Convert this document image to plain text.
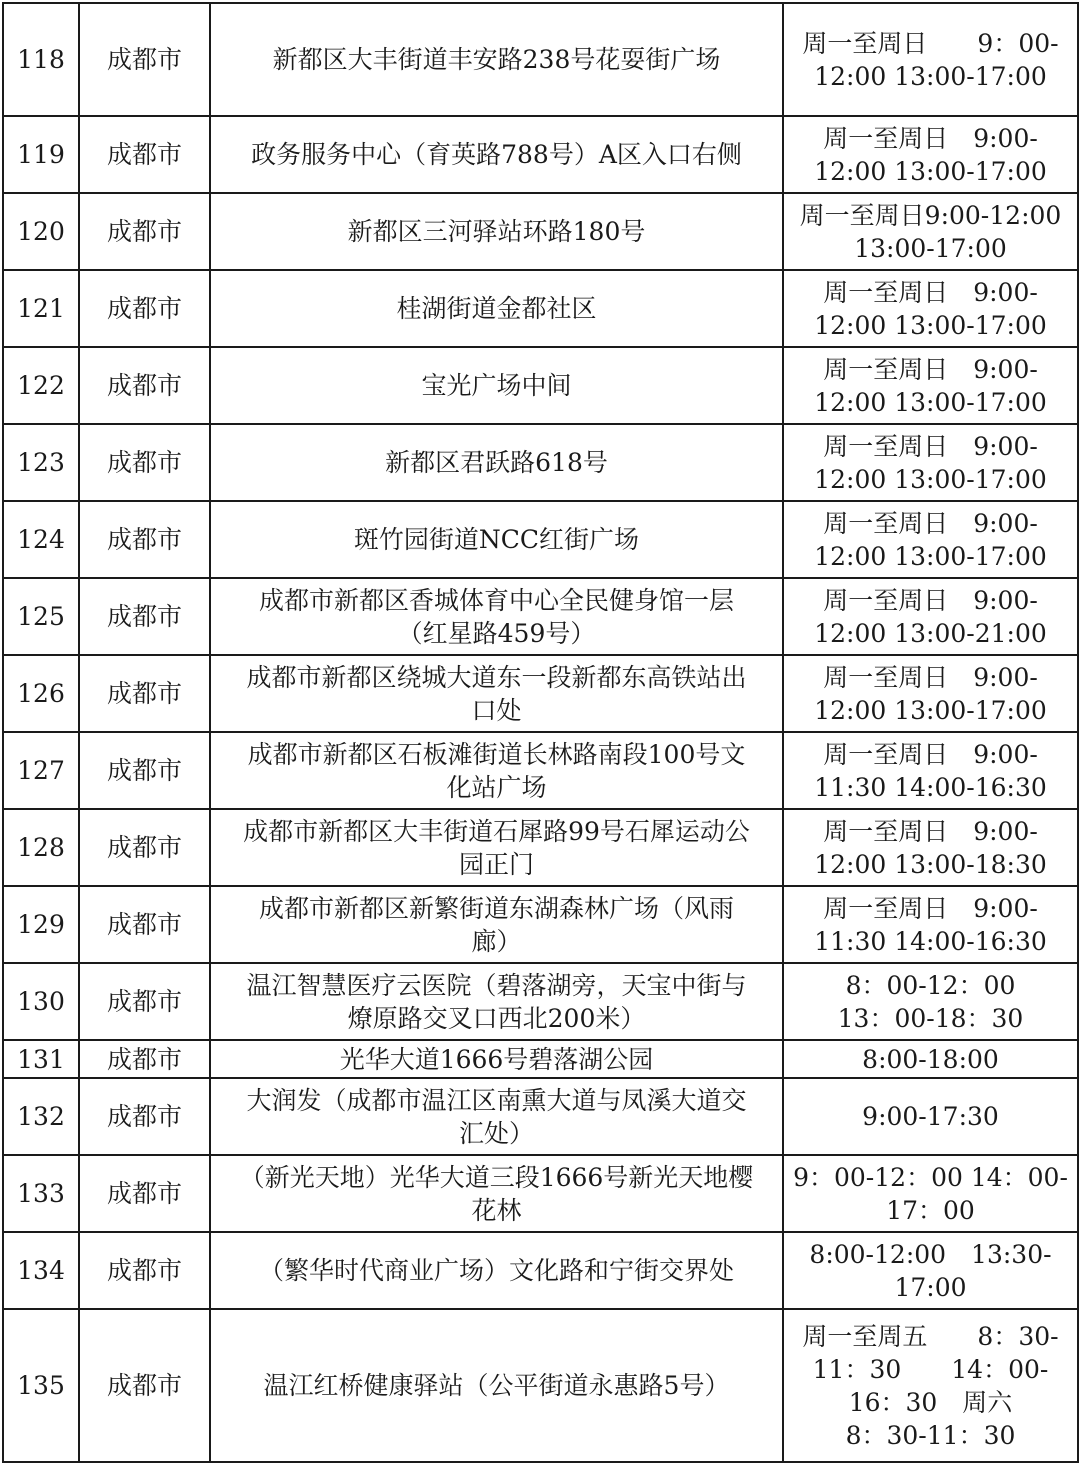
118	成都市	新都区大丰街道丰安路238号花耍街广场	周一至周日　　9：00-
12:00 13:00-17:00

119	成都市	政务服务中心（育英路788号）A区入口右侧	周一至周日　9:00-
12:00 13:00-17:00

120	成都市	新都区三河驿站环路180号	周一至周日9:00-12:00
13:00-17:00

121	成都市	桂湖街道金都社区	周一至周日　9:00-
12:00 13:00-17:00

122	成都市	宝光广场中间	周一至周日　9:00-
12:00 13:00-17:00

123	成都市	新都区君跃路618号	周一至周日　9:00-
12:00 13:00-17:00

124	成都市	斑竹园街道NCC红街广场	周一至周日　9:00-
12:00 13:00-17:00

125	成都市	成都市新都区香城体育中心全民健身馆一层
（红星路459号）	周一至周日　9:00-
12:00 13:00-21:00

126	成都市	成都市新都区绕城大道东一段新都东高铁站出
口处	周一至周日　9:00-
12:00 13:00-17:00

127	成都市	成都市新都区石板滩街道长林路南段100号文
化站广场	周一至周日　9:00-
11:30 14:00-16:30

128	成都市	成都市新都区大丰街道石犀路99号石犀运动公
园正门	周一至周日　9:00-
12:00 13:00-18:30

129	成都市	成都市新都区新繁街道东湖森林广场（风雨
廊）	周一至周日　9:00-
11:30 14:00-16:30

130	成都市	温江智慧医疗云医院（碧落湖旁，天宝中街与
燎原路交叉口西北200米）	8：00-12：00
13：00-18：30

131	成都市	光华大道1666号碧落湖公园	8:00-18:00

132	成都市	大润发（成都市温江区南熏大道与凤溪大道交
汇处）	9:00-17:30

133	成都市	（新光天地）光华大道三段1666号新光天地樱
花林	9：00-12：00 14：00-
17：00

134	成都市	（繁华时代商业广场）文化路和宁街交界处	8:00-12:00　13:30-
17:00

135	成都市	温江红桥健康驿站（公平街道永惠路5号）	周一至周五　　8：30-
11：30　　14：00-
16：30　周六
8：30-11：30
